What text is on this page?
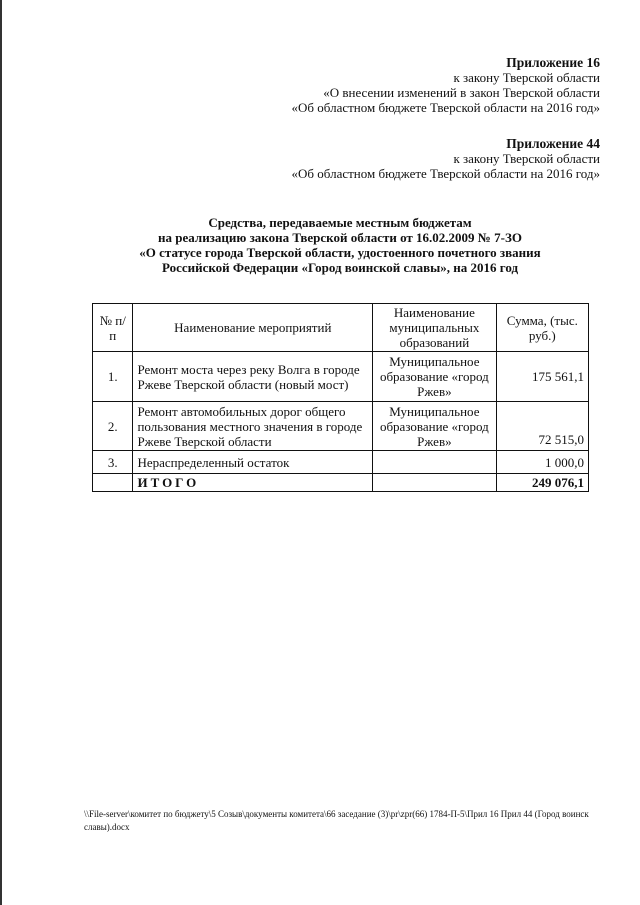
Приложение 16
к закону Тверской области
«О внесении изменений в закон Тверской области
«Об областном бюджете Тверской области на 2016 год»
Приложение 44
к закону Тверской области
«Об областном бюджете Тверской области на 2016 год»
Средства, передаваемые местным бюджетам
на реализацию закона Тверской области от 16.02.2009 № 7-ЗО
«О статусе города Тверской области, удостоенного почетного звания
Российской Федерации «Город воинской славы», на 2016 год
№ п/п	Наименование мероприятий	Наименование муниципальных образований	Сумма, (тыс. руб.)
1.	Ремонт моста через реку Волга в городе Ржеве Тверской области (новый мост)	Муниципальное образование «город Ржев»	175 561,1
2.	Ремонт автомобильных дорог общего пользования местного значения в городе Ржеве Тверской области	Муниципальное образование «город Ржев»	72 515,0
3.	Нераспределенный остаток		1 000,0
	ИТОГО		249 076,1
\\File-server\комитет по бюджету\5 Созыв\документы комитета\66 заседание (3)\pr\zpr(66) 1784-П-5\Прил 16 Прил 44 (Город воинск славы).docx
